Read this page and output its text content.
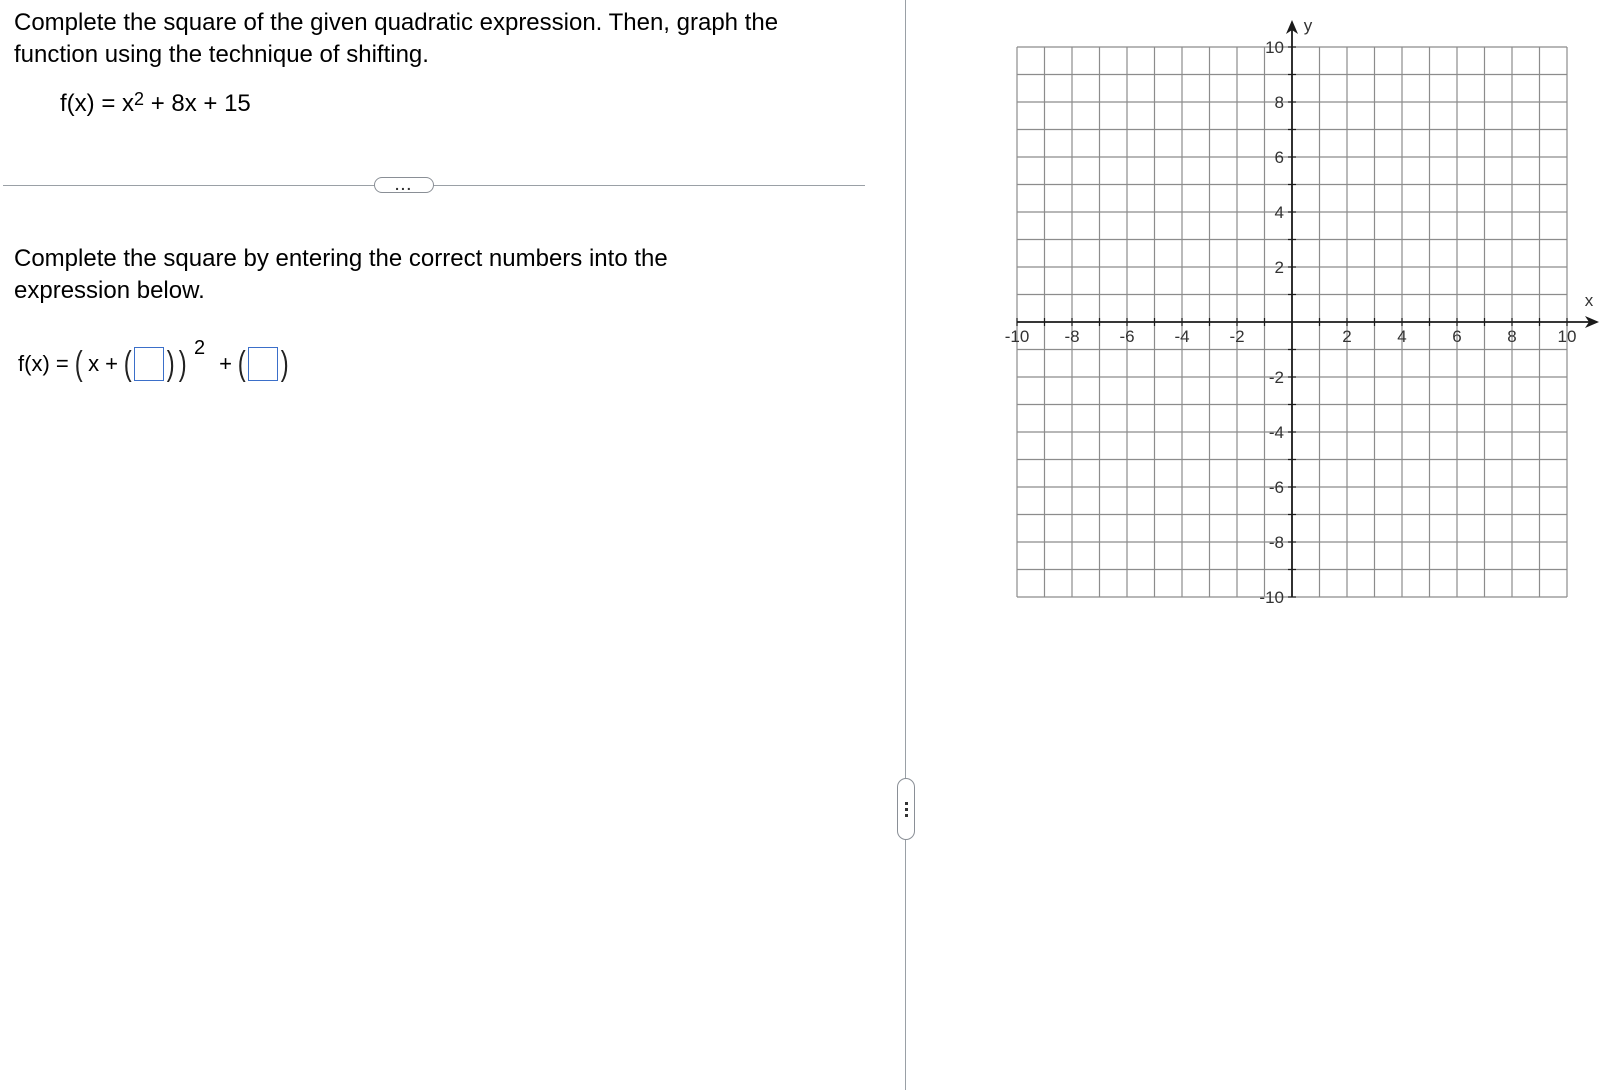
Complete the square of the given quadratic expression. Then, graph the function using the technique of shifting.

$f(x) = x^2 + 8x + 15$
...

Complete the square by entering the correct numbers into the expression below.

f(x) = ( x + ( ) ) 2
+ ( )
x
y
-10 -8 -6 -4 -2	2	4	6	8 10
10
8
6
4
2
-2
-4
-6
-8
-10
